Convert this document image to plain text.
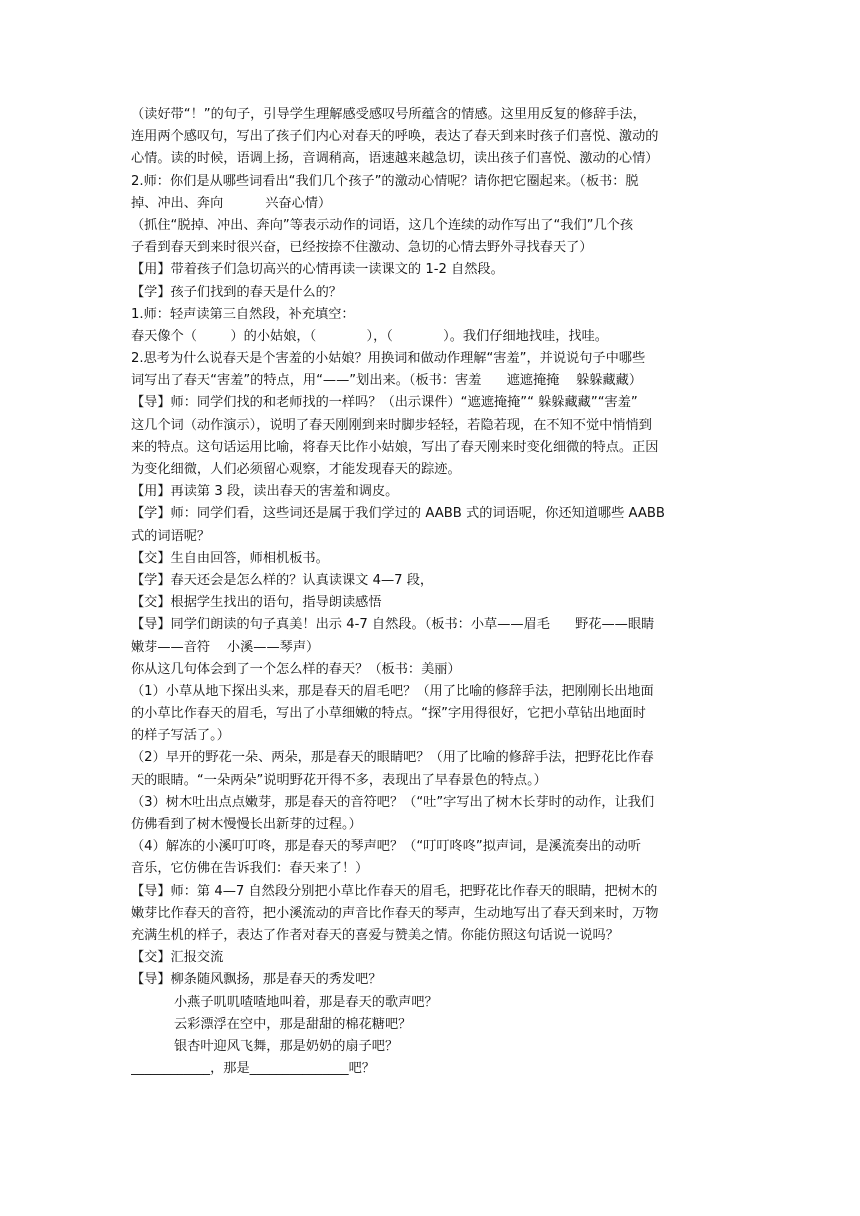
（读好带“！”的句子，引导学生理解感受感叹号所蕴含的情感。这里用反复的修辞手法，
连用两个感叹句，写出了孩子们内心对春天的呼唤，表达了春天到来时孩子们喜悦、激动的
心情。读的时候，语调上扬，音调稍高，语速越来越急切，读出孩子们喜悦、激动的心情）
2.师：你们是从哪些词看出“我们几个孩子”的激动心情呢？请你把它圈起来。（板书：脱
掉、冲出、奔向          兴奋心情）
（抓住“脱掉、冲出、奔向”等表示动作的词语，这几个连续的动作写出了“我们”几个孩
子看到春天到来时很兴奋，已经按捺不住激动、急切的心情去野外寻找春天了）
【用】带着孩子们急切高兴的心情再读一读课文的 1-2 自然段。
【学】孩子们找到的春天是什么的？
1.师：轻声读第三自然段，补充填空：
春天像个（        ）的小姑娘，（            ），（            ）。我们仔细地找哇，找哇。
2.思考为什么说春天是个害羞的小姑娘？用换词和做动作理解“害羞”，并说说句子中哪些
词写出了春天“害羞”的特点，用“——”划出来。（板书：害羞      遮遮掩掩    躲躲藏藏）
【导】师：同学们找的和老师找的一样吗？（出示课件）“遮遮掩掩”“ 躲躲藏藏”“害羞”
这几个词（动作演示），说明了春天刚刚到来时脚步轻轻，若隐若现，在不知不觉中悄悄到
来的特点。这句话运用比喻，将春天比作小姑娘，写出了春天刚来时变化细微的特点。正因
为变化细微，人们必须留心观察，才能发现春天的踪迹。
【用】再读第 3 段，读出春天的害羞和调皮。
【学】师：同学们看，这些词还是属于我们学过的 AABB 式的词语呢，你还知道哪些 AABB
式的词语呢？
【交】生自由回答，师相机板书。
【学】春天还会是怎么样的？认真读课文 4—7 段，
【交】根据学生找出的语句，指导朗读感悟
【导】同学们朗读的句子真美！出示 4-7 自然段。（板书：小草——眉毛      野花——眼睛
嫩芽——音符    小溪——琴声）
你从这几句体会到了一个怎么样的春天？（板书：美丽）
（1）小草从地下探出头来，那是春天的眉毛吧？（用了比喻的修辞手法，把刚刚长出地面
的小草比作春天的眉毛，写出了小草细嫩的特点。“探”字用得很好，它把小草钻出地面时
的样子写活了。）
（2）早开的野花一朵、两朵，那是春天的眼睛吧？（用了比喻的修辞手法，把野花比作春
天的眼睛。“一朵两朵”说明野花开得不多，表现出了早春景色的特点。）
（3）树木吐出点点嫩芽，那是春天的音符吧？（“吐”字写出了树木长芽时的动作，让我们
仿佛看到了树木慢慢长出新芽的过程。）
（4）解冻的小溪叮叮咚，那是春天的琴声吧？（“叮叮咚咚”拟声词，是溪流奏出的动听
音乐，它仿佛在告诉我们：春天来了！）
【导】师：第 4—7 自然段分别把小草比作春天的眉毛，把野花比作春天的眼睛，把树木的
嫩芽比作春天的音符，把小溪流动的声音比作春天的琴声，生动地写出了春天到来时，万物
充满生机的样子，表达了作者对春天的喜爱与赞美之情。你能仿照这句话说一说吗？
【交】汇报交流
【导】柳条随风飘扬，那是春天的秀发吧？
小燕子叽叽喳喳地叫着，那是春天的歌声吧？
云彩漂浮在空中，那是甜甜的棉花糖吧？
银杏叶迎风飞舞，那是奶奶的扇子吧？
____________，那是_______________吧？
